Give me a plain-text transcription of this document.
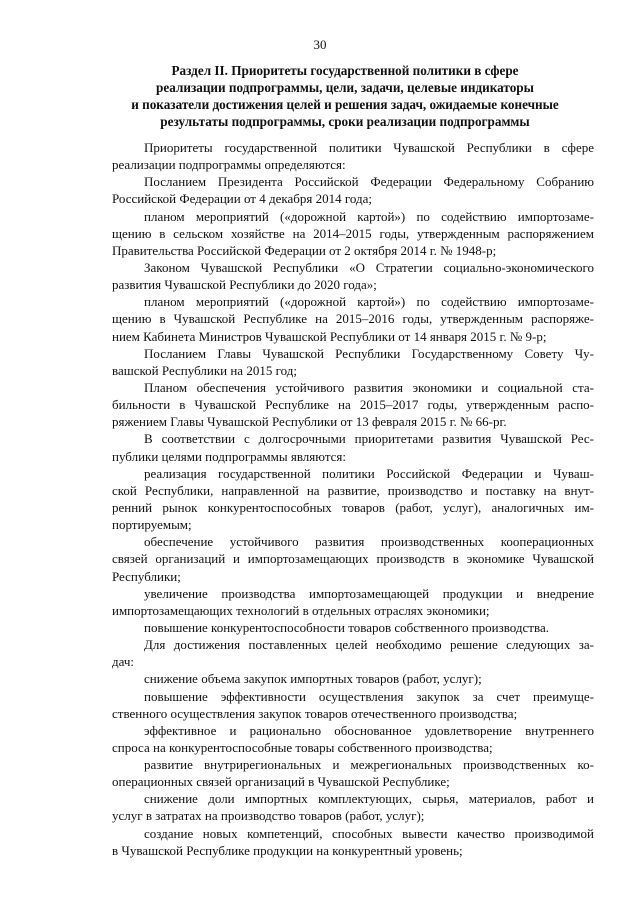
30
Раздел II. Приоритеты государственной политики в сфере
реализации подпрограммы, цели, задачи, целевые индикаторы
и показатели достижения целей и решения задач, ожидаемые конечные
результаты подпрограммы, сроки реализации подпрограммы
Приоритеты государственной политики Чувашской Республики в сфере
реализации подпрограммы определяются:
Посланием Президента Российской Федерации Федеральному Собранию
Российской Федерации от 4 декабря 2014 года;
планом мероприятий («дорожной картой») по содействию импортозаме-
щению в сельском хозяйстве на 2014–2015 годы, утвержденным распоряжением
Правительства Российской Федерации от 2 октября 2014 г. № 1948-р;
Законом Чувашской Республики «О Стратегии социально-экономического
развития Чувашской Республики до 2020 года»;
планом мероприятий («дорожной картой») по содействию импортозаме-
щению в Чувашской Республике на 2015–2016 годы, утвержденным распоряже-
нием Кабинета Министров Чувашской Республики от 14 января 2015 г. № 9-р;
Посланием Главы Чувашской Республики Государственному Совету Чу-
вашской Республики на 2015 год;
Планом обеспечения устойчивого развития экономики и социальной ста-
бильности в Чувашской Республике на 2015–2017 годы, утвержденным распо-
ряжением Главы Чувашской Республики от 13 февраля 2015 г. № 66-рг.
В соответствии с долгосрочными приоритетами развития Чувашской Рес-
публики целями подпрограммы являются:
реализация государственной политики Российской Федерации и Чуваш-
ской Республики, направленной на развитие, производство и поставку на внут-
ренний рынок конкурентоспособных товаров (работ, услуг), аналогичных им-
портируемым;
обеспечение устойчивого развития производственных кооперационных
связей организаций и импортозамещающих производств в экономике Чувашской
Республики;
увеличение производства импортозамещающей продукции и внедрение
импортозамещающих технологий в отдельных отраслях экономики;
повышение конкурентоспособности товаров собственного производства.
Для достижения поставленных целей необходимо решение следующих за-
дач:
снижение объема закупок импортных товаров (работ, услуг);
повышение эффективности осуществления закупок за счет преимуще-
ственного осуществления закупок товаров отечественного производства;
эффективное и рационально обоснованное удовлетворение внутреннего
спроса на конкурентоспособные товары собственного производства;
развитие внутрирегиональных и межрегиональных производственных ко-
операционных связей организаций в Чувашской Республике;
снижение доли импортных комплектующих, сырья, материалов, работ и
услуг в затратах на производство товаров (работ, услуг);
создание новых компетенций, способных вывести качество производимой
в Чувашской Республике продукции на конкурентный уровень;
